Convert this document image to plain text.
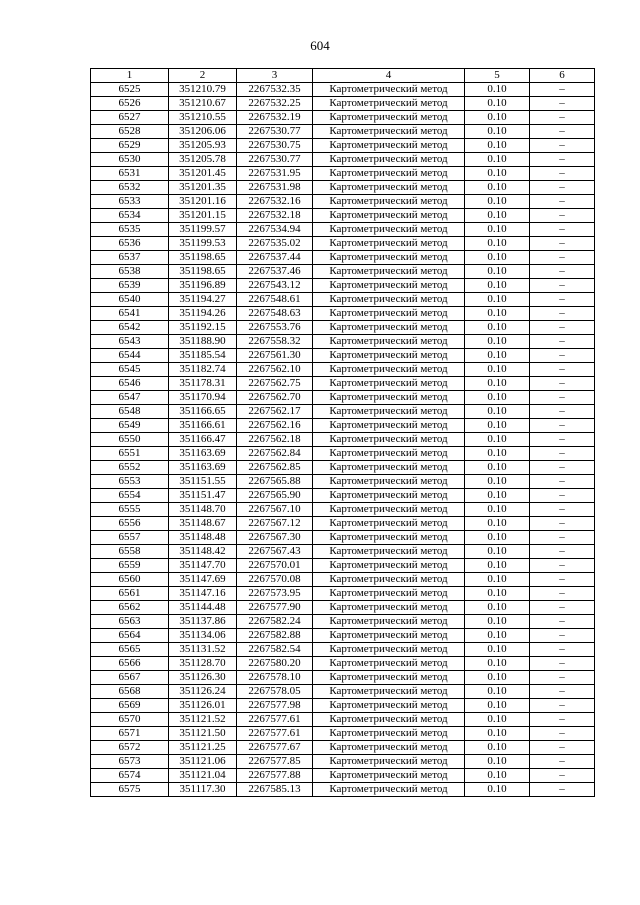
604
1	2	3	4	5	6
6525	351210.79	2267532.35	Картометрический метод	0.10	–
6526	351210.67	2267532.25	Картометрический метод	0.10	–
6527	351210.55	2267532.19	Картометрический метод	0.10	–
6528	351206.06	2267530.77	Картометрический метод	0.10	–
6529	351205.93	2267530.75	Картометрический метод	0.10	–
6530	351205.78	2267530.77	Картометрический метод	0.10	–
6531	351201.45	2267531.95	Картометрический метод	0.10	–
6532	351201.35	2267531.98	Картометрический метод	0.10	–
6533	351201.16	2267532.16	Картометрический метод	0.10	–
6534	351201.15	2267532.18	Картометрический метод	0.10	–
6535	351199.57	2267534.94	Картометрический метод	0.10	–
6536	351199.53	2267535.02	Картометрический метод	0.10	–
6537	351198.65	2267537.44	Картометрический метод	0.10	–
6538	351198.65	2267537.46	Картометрический метод	0.10	–
6539	351196.89	2267543.12	Картометрический метод	0.10	–
6540	351194.27	2267548.61	Картометрический метод	0.10	–
6541	351194.26	2267548.63	Картометрический метод	0.10	–
6542	351192.15	2267553.76	Картометрический метод	0.10	–
6543	351188.90	2267558.32	Картометрический метод	0.10	–
6544	351185.54	2267561.30	Картометрический метод	0.10	–
6545	351182.74	2267562.10	Картометрический метод	0.10	–
6546	351178.31	2267562.75	Картометрический метод	0.10	–
6547	351170.94	2267562.70	Картометрический метод	0.10	–
6548	351166.65	2267562.17	Картометрический метод	0.10	–
6549	351166.61	2267562.16	Картометрический метод	0.10	–
6550	351166.47	2267562.18	Картометрический метод	0.10	–
6551	351163.69	2267562.84	Картометрический метод	0.10	–
6552	351163.69	2267562.85	Картометрический метод	0.10	–
6553	351151.55	2267565.88	Картометрический метод	0.10	–
6554	351151.47	2267565.90	Картометрический метод	0.10	–
6555	351148.70	2267567.10	Картометрический метод	0.10	–
6556	351148.67	2267567.12	Картометрический метод	0.10	–
6557	351148.48	2267567.30	Картометрический метод	0.10	–
6558	351148.42	2267567.43	Картометрический метод	0.10	–
6559	351147.70	2267570.01	Картометрический метод	0.10	–
6560	351147.69	2267570.08	Картометрический метод	0.10	–
6561	351147.16	2267573.95	Картометрический метод	0.10	–
6562	351144.48	2267577.90	Картометрический метод	0.10	–
6563	351137.86	2267582.24	Картометрический метод	0.10	–
6564	351134.06	2267582.88	Картометрический метод	0.10	–
6565	351131.52	2267582.54	Картометрический метод	0.10	–
6566	351128.70	2267580.20	Картометрический метод	0.10	–
6567	351126.30	2267578.10	Картометрический метод	0.10	–
6568	351126.24	2267578.05	Картометрический метод	0.10	–
6569	351126.01	2267577.98	Картометрический метод	0.10	–
6570	351121.52	2267577.61	Картометрический метод	0.10	–
6571	351121.50	2267577.61	Картометрический метод	0.10	–
6572	351121.25	2267577.67	Картометрический метод	0.10	–
6573	351121.06	2267577.85	Картометрический метод	0.10	–
6574	351121.04	2267577.88	Картометрический метод	0.10	–
6575	351117.30	2267585.13	Картометрический метод	0.10	–
